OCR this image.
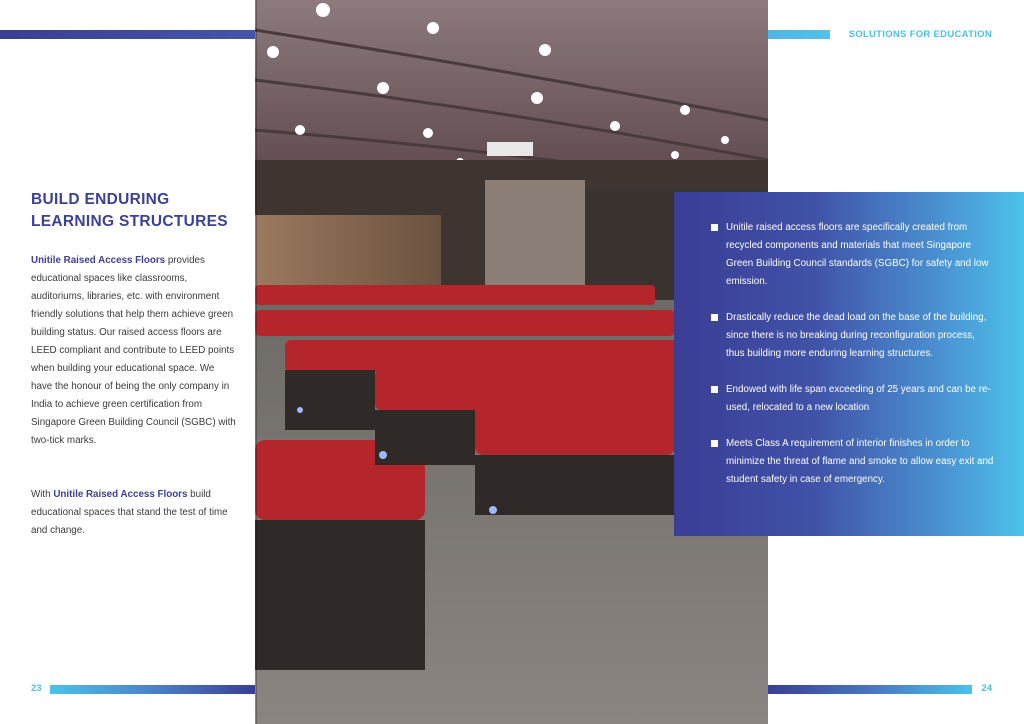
SOLUTIONS FOR EDUCATION
BUILD ENDURING
LEARNING STRUCTURES
Unitile Raised Access Floors provides educational spaces like classrooms, auditoriums, libraries, etc. with environment friendly solutions that help them achieve green building status. Our raised access floors are LEED compliant and contribute to LEED points when building your educational space. We have the honour of being the only company in India to achieve green certification from Singapore Green Building Council (SGBC) with two-tick marks.
With Unitile Raised Access Floors build educational spaces that stand the test of time and change.
Unitile raised access floors are specifically created from recycled components and materials that meet Singapore Green Building Council standards (SGBC) for safety and low emission.
Drastically reduce the dead load on the base of the building, since there is no breaking during reconfiguration process, thus building more enduring learning structures.
Endowed with life span exceeding of 25 years and can be re-used, relocated to a new location
Meets Class A requirement of interior finishes in order to minimize the threat of flame and smoke to allow easy exit and student safety in case of emergency.
23	24
